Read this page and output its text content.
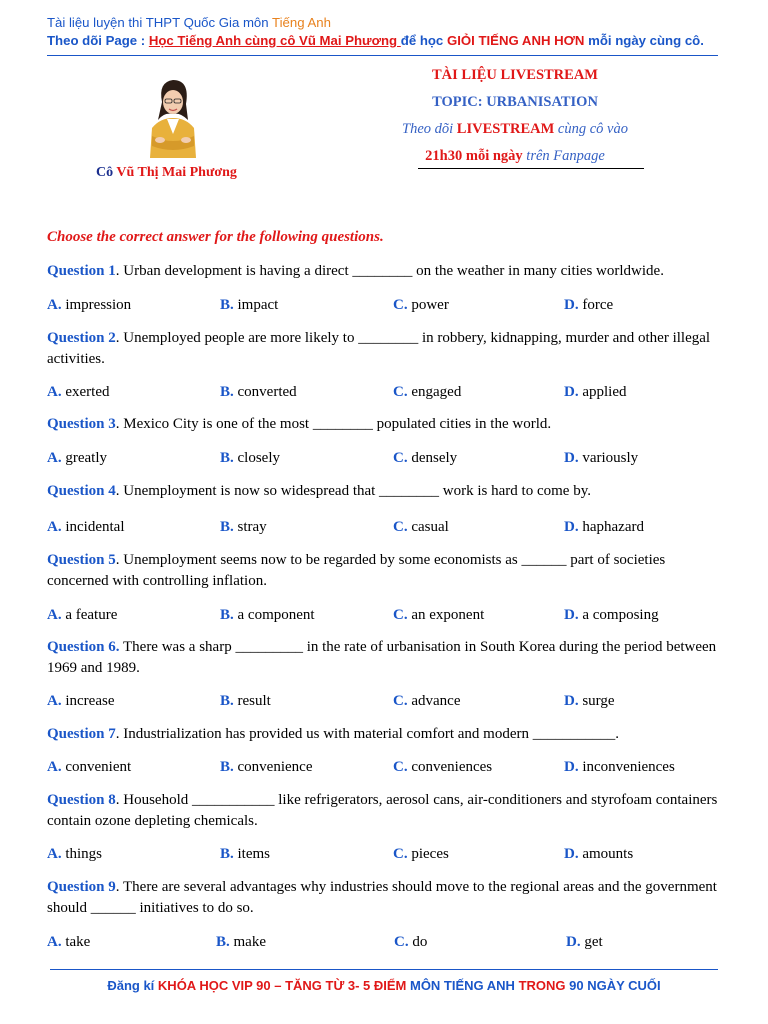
Tài liệu luyện thi THPT Quốc Gia môn Tiếng Anh
Theo dõi Page : Học Tiếng Anh cùng cô Vũ Mai Phương để học GIỎI TIẾNG ANH HƠN mỗi ngày cùng cô.
Cô Vũ Thị Mai Phương
TÀI LIỆU LIVESTREAM
TOPIC: URBANISATION
Theo dõi LIVESTREAM cùng cô vào
21h30 mỗi ngày trên Fanpage
Choose the correct answer for the following questions.
Question 1. Urban development is having a direct ________ on the weather in many cities worldwide.
A. impression	B. impact	C. power	D. force
Question 2. Unemployed people are more likely to ________ in robbery, kidnapping, murder and other illegal activities.
A. exerted	B. converted	C. engaged	D. applied
Question 3. Mexico City is one of the most ________ populated cities in the world.
A. greatly	B. closely	C. densely	D. variously
Question 4. Unemployment is now so widespread that ________ work is hard to come by.
A. incidental	B. stray	C. casual	D. haphazard
Question 5. Unemployment seems now to be regarded by some economists as ______ part of societies concerned with controlling inflation.
A. a feature	B. a component	C. an exponent	D. a composing
Question 6. There was a sharp _________ in the rate of urbanisation in South Korea during the period between 1969 and 1989.
A. increase	B. result	C. advance	D. surge
Question 7. Industrialization has provided us with material comfort and modern ___________.
A. convenient	B. convenience	C. conveniences	D. inconveniences
Question 8. Household ___________ like refrigerators, aerosol cans, air-conditioners and styrofoam containers contain ozone depleting chemicals.
A. things	B. items	C. pieces	D. amounts
Question 9. There are several advantages why industries should move to the regional areas and the government should ______ initiatives to do so.
A. take	B. make	C. do	D. get
Đăng kí KHÓA HỌC VIP 90 – TĂNG TỪ 3- 5 ĐIỂM MÔN TIẾNG ANH TRONG 90 NGÀY CUỐI
